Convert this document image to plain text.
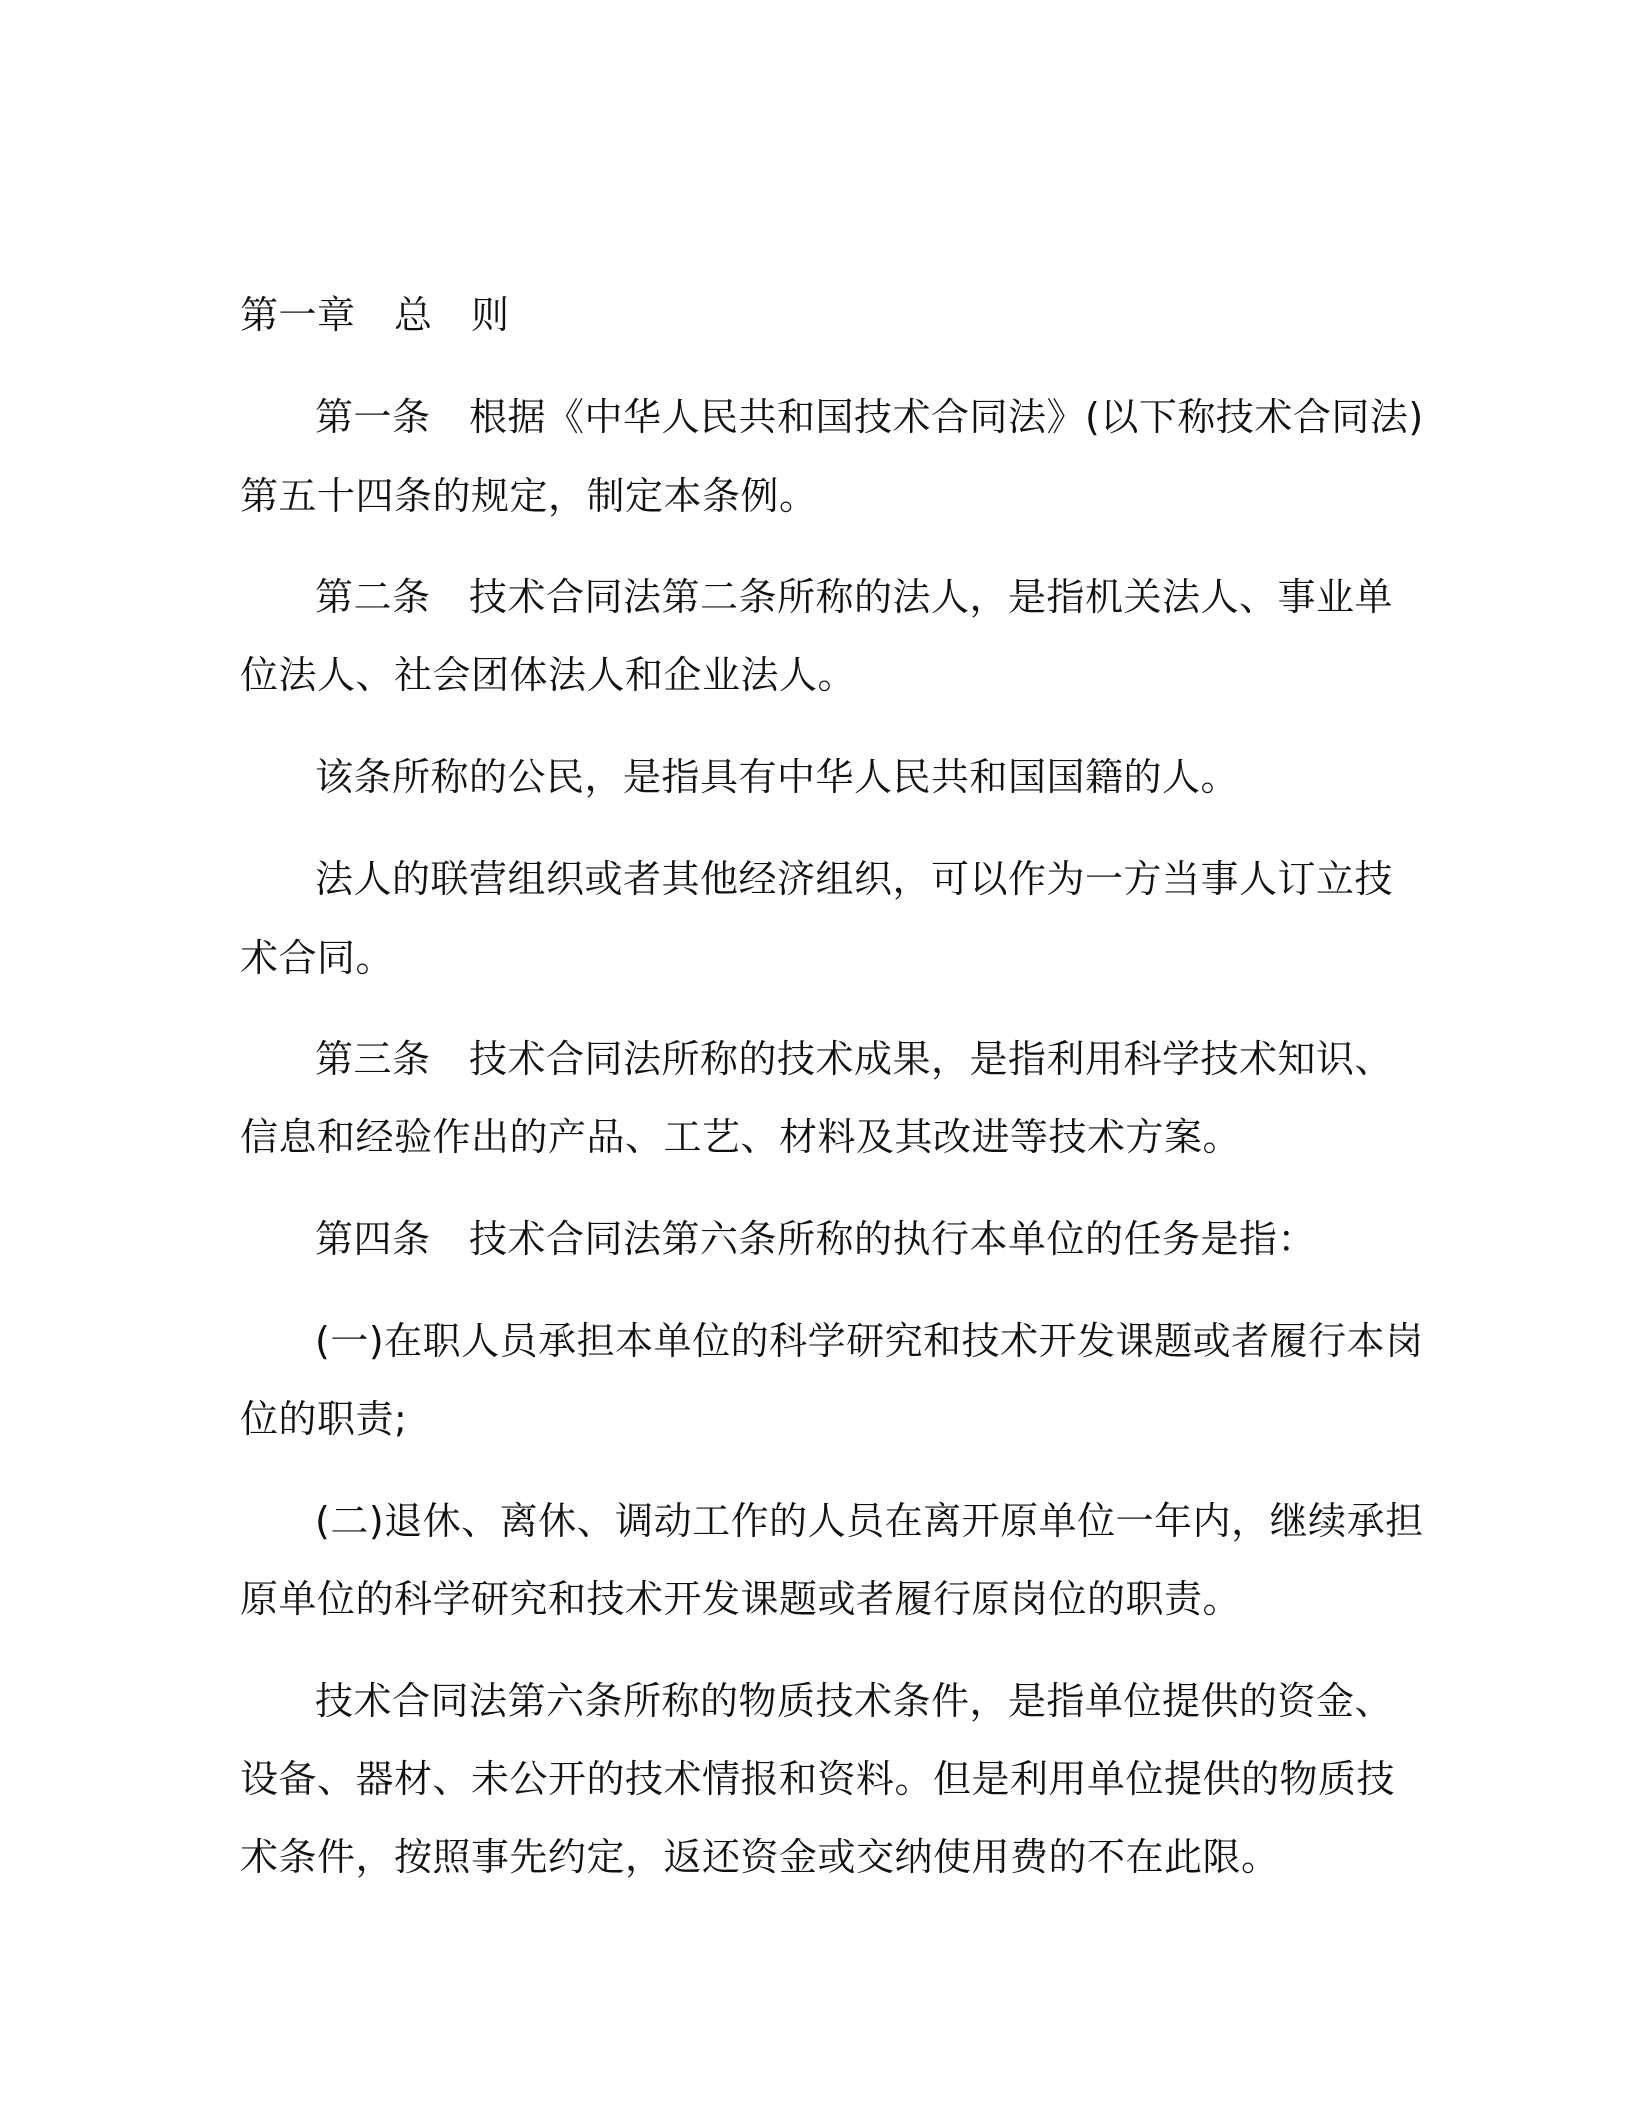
第一章　总　则
第一条　根据《中华人民共和国技术合同法》(以下称技术合同法)
第五十四条的规定，制定本条例。
第二条　技术合同法第二条所称的法人，是指机关法人、事业单
位法人、社会团体法人和企业法人。
该条所称的公民，是指具有中华人民共和国国籍的人。
法人的联营组织或者其他经济组织，可以作为一方当事人订立技
术合同。
第三条　技术合同法所称的技术成果，是指利用科学技术知识、
信息和经验作出的产品、工艺、材料及其改进等技术方案。
第四条　技术合同法第六条所称的执行本单位的任务是指：
(一)在职人员承担本单位的科学研究和技术开发课题或者履行本岗
位的职责;
(二)退休、离休、调动工作的人员在离开原单位一年内，继续承担
原单位的科学研究和技术开发课题或者履行原岗位的职责。
技术合同法第六条所称的物质技术条件，是指单位提供的资金、
设备、器材、未公开的技术情报和资料。但是利用单位提供的物质技
术条件，按照事先约定，返还资金或交纳使用费的不在此限。
